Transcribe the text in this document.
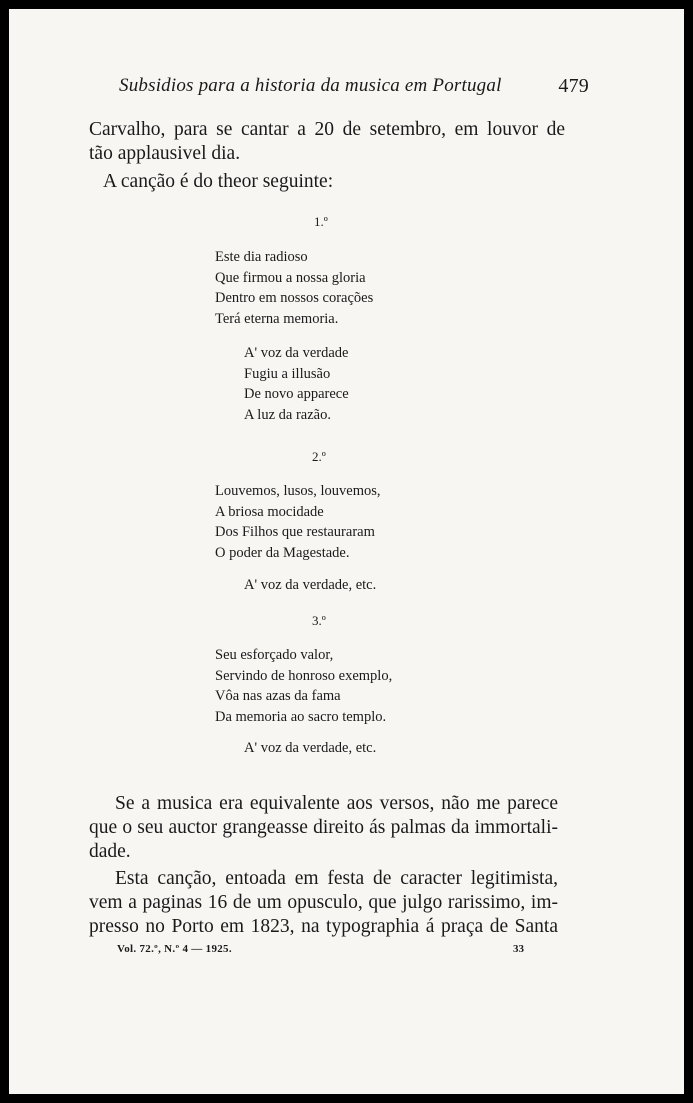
Subsidios para a historia da musica em Portugal	479
Carvalho, para se cantar a 20 de setembro, em louvor de
tão applausivel dia.
A canção é do theor seguinte:
1.º
Este dia radioso
Que firmou a nossa gloria
Dentro em nossos corações
Terá eterna memoria.
A' voz da verdade
Fugiu a illusão
De novo apparece
A luz da razão.
2.º
Louvemos, lusos, louvemos,
A briosa mocidade
Dos Filhos que restauraram
O poder da Magestade.
A' voz da verdade, etc.
3.º
Seu esforçado valor,
Servindo de honroso exemplo,
Vôa nas azas da fama
Da memoria ao sacro templo.
A' voz da verdade, etc.
Se a musica era equivalente aos versos, não me parece
que o seu auctor grangeasse direito ás palmas da immortali-
dade.
Esta canção, entoada em festa de caracter legitimista,
vem a paginas 16 de um opusculo, que julgo rarissimo, im-
presso no Porto em 1823, na typographia á praça de Santa
Vol. 72.º, N.º 4 — 1925.	33
